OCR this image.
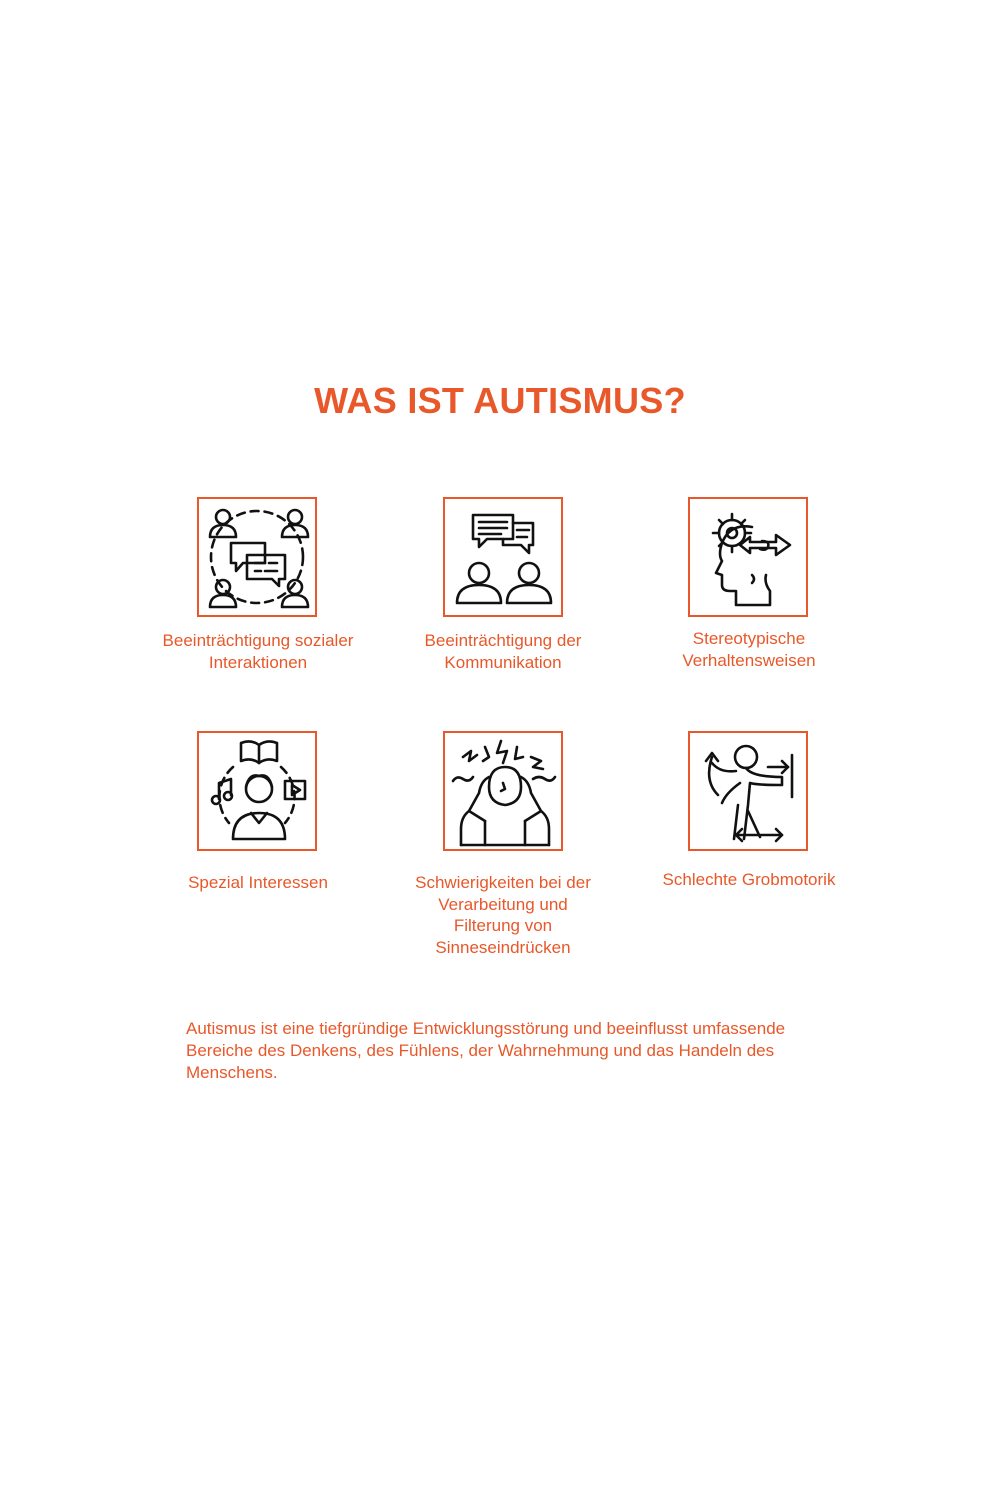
WAS IST AUTISMUS?
Beeinträchtigung sozialer Interaktionen
Beeinträchtigung der Kommunikation
Stereotypische Verhaltensweisen
Spezial Interessen	Schwierigkeiten bei der Verarbeitung und Filterung von Sinneseindrücken
Schlechte Grobmotorik
Autismus ist eine tiefgründige Entwicklungsstörung und beeinflusst umfassende Bereiche des Denkens, des Fühlens, der Wahrnehmung und das Handeln des Menschens.
